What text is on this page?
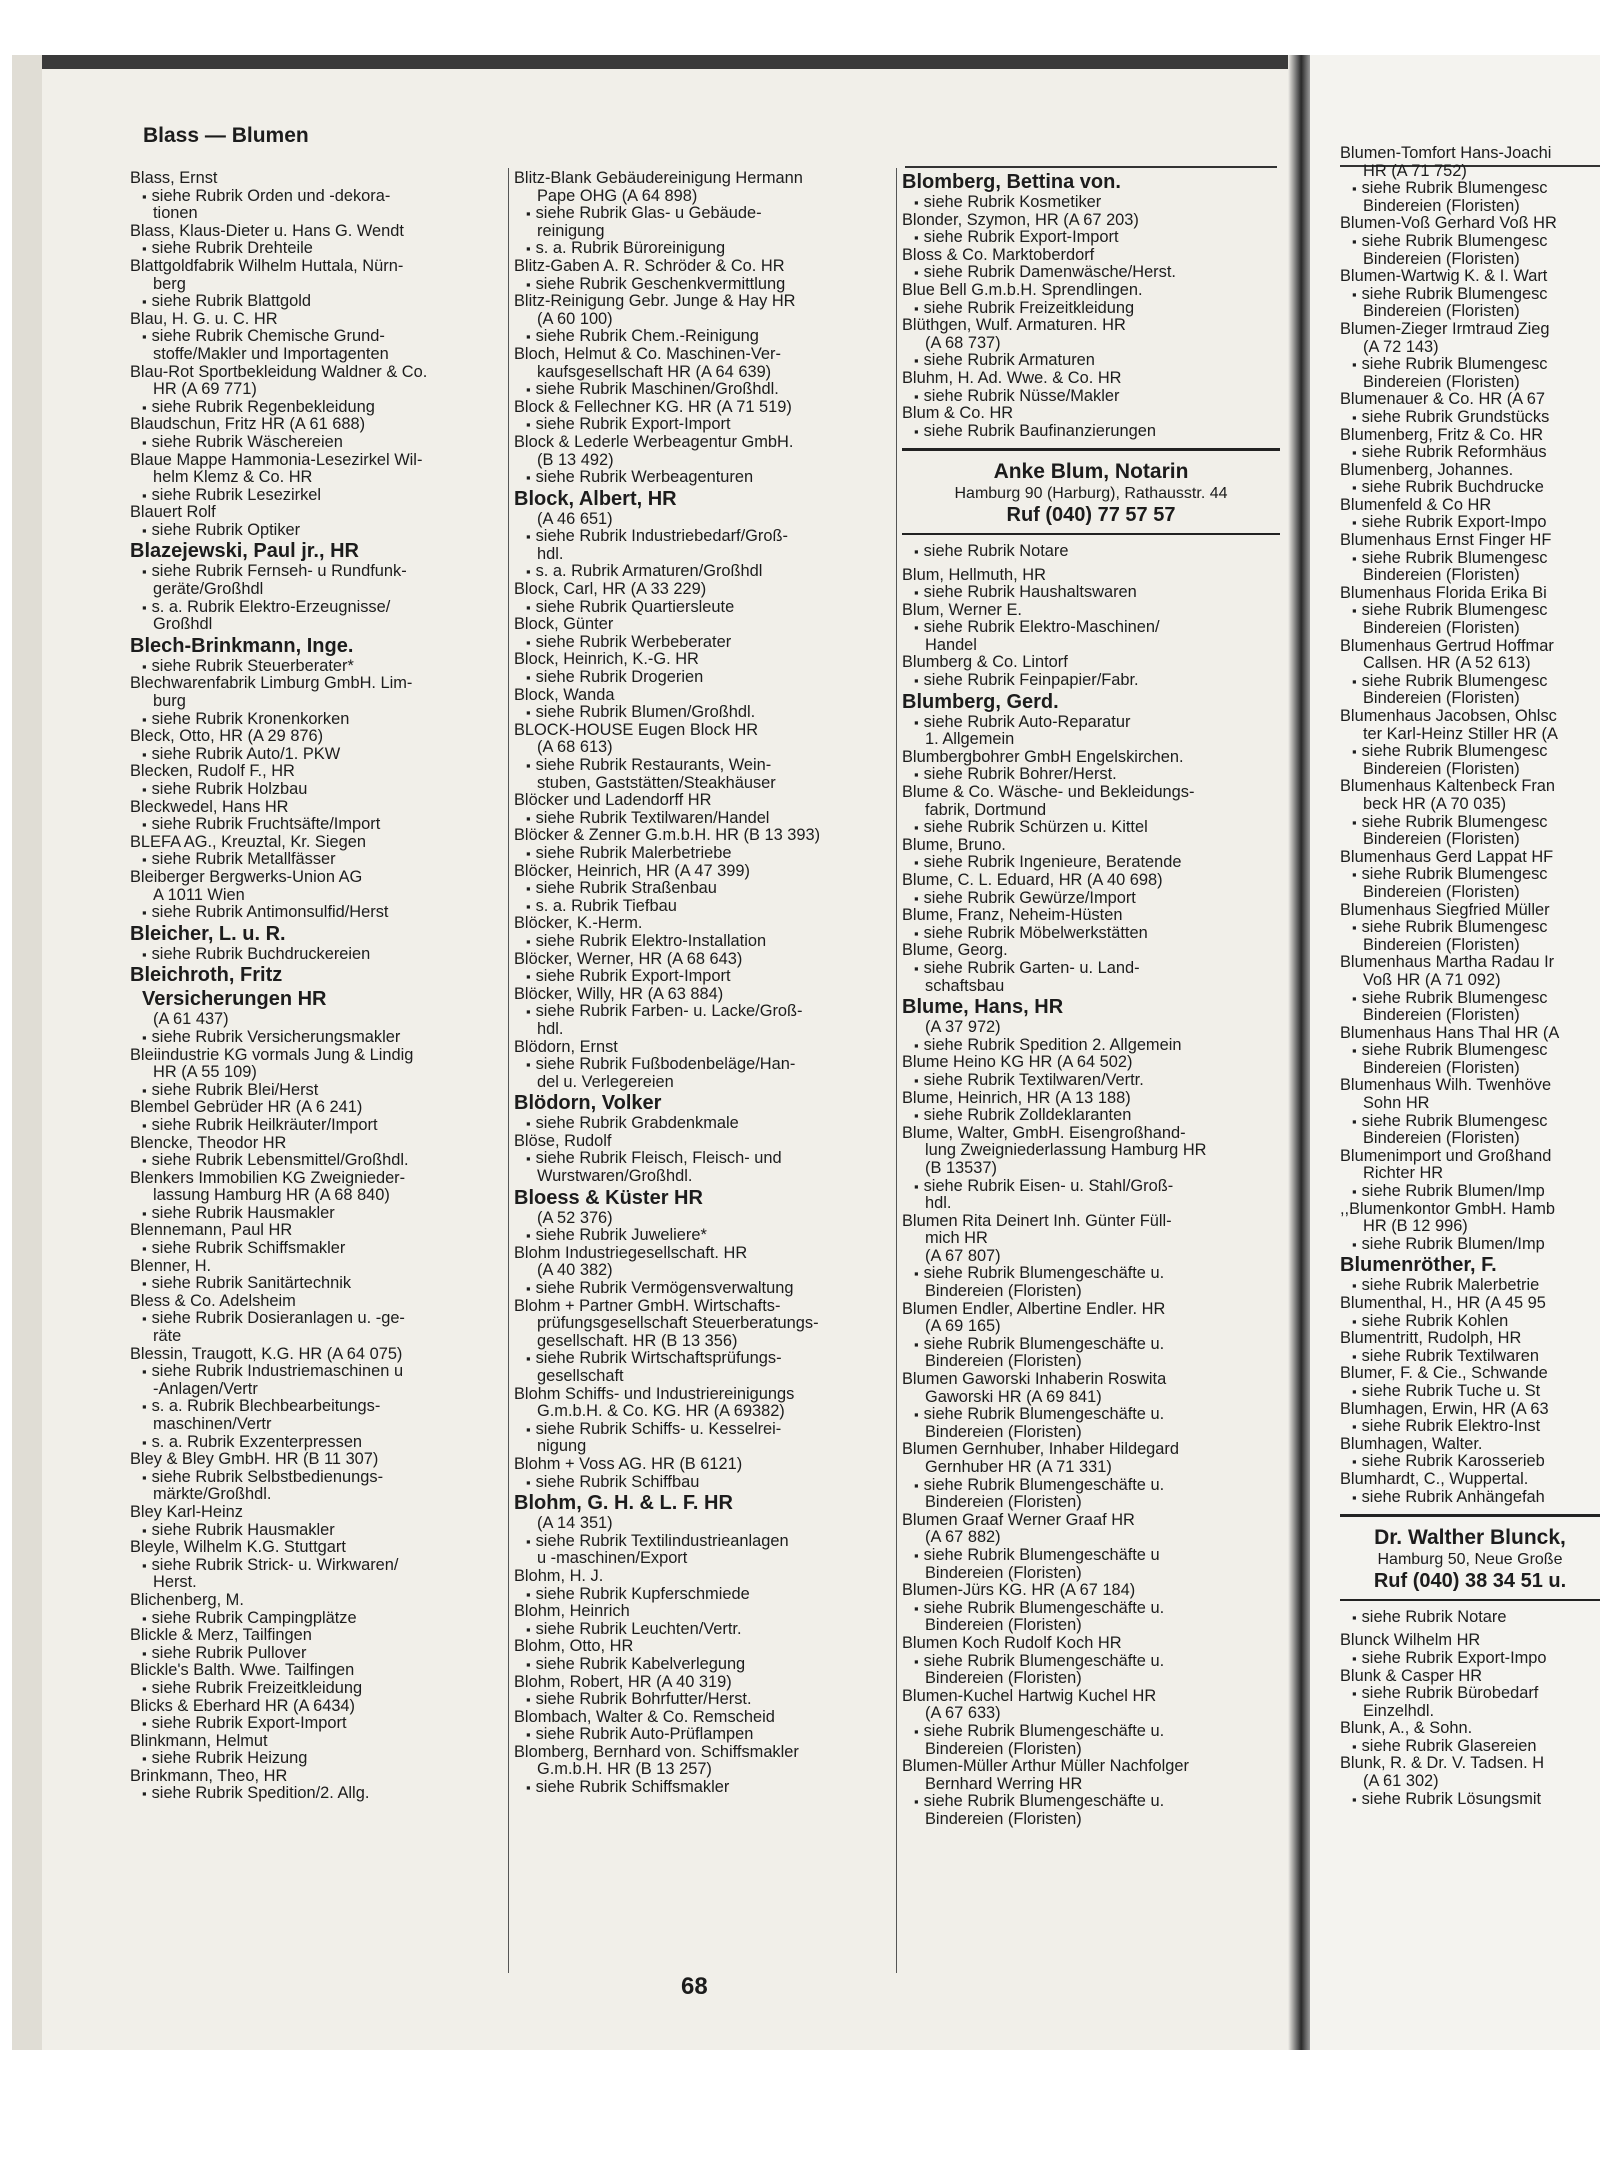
Blass — Blumen
Blass, Ernst
▪ siehe Rubrik Orden und -dekora-
tionen
Blass, Klaus-Dieter u. Hans G. Wendt
▪ siehe Rubrik Drehteile
Blattgoldfabrik Wilhelm Huttala, Nürn-
berg
▪ siehe Rubrik Blattgold
Blau, H. G. u. C. HR
▪ siehe Rubrik Chemische Grund-
stoffe/Makler und Importagenten
Blau-Rot Sportbekleidung Waldner & Co.
HR (A 69 771)
▪ siehe Rubrik Regenbekleidung
Blaudschun, Fritz HR (A 61 688)
▪ siehe Rubrik Wäschereien
Blaue Mappe Hammonia-Lesezirkel Wil-
helm Klemz & Co. HR
▪ siehe Rubrik Lesezirkel
Blauert Rolf
▪ siehe Rubrik Optiker
Blazejewski, Paul jr., HR
▪ siehe Rubrik Fernseh- u Rundfunk-
geräte/Großhdl
▪ s. a. Rubrik Elektro-Erzeugnisse/
Großhdl
Blech-Brinkmann, Inge.
▪ siehe Rubrik Steuerberater*
Blechwarenfabrik Limburg GmbH. Lim-
burg
▪ siehe Rubrik Kronenkorken
Bleck, Otto, HR (A 29 876)
▪ siehe Rubrik Auto/1. PKW
Blecken, Rudolf F., HR
▪ siehe Rubrik Holzbau
Bleckwedel, Hans HR
▪ siehe Rubrik Fruchtsäfte/Import
BLEFA AG., Kreuztal, Kr. Siegen
▪ siehe Rubrik Metallfässer
Bleiberger Bergwerks-Union AG
A 1011 Wien
▪ siehe Rubrik Antimonsulfid/Herst
Bleicher, L. u. R.
▪ siehe Rubrik Buchdruckereien
Bleichroth, Fritz
Versicherungen HR
(A 61 437)
▪ siehe Rubrik Versicherungsmakler
Bleiindustrie KG vormals Jung & Lindig
HR (A 55 109)
▪ siehe Rubrik Blei/Herst
Blembel Gebrüder HR (A 6 241)
▪ siehe Rubrik Heilkräuter/Import
Blencke, Theodor HR
▪ siehe Rubrik Lebensmittel/Großhdl.
Blenkers Immobilien KG Zweignieder-
lassung Hamburg HR (A 68 840)
▪ siehe Rubrik Hausmakler
Blennemann, Paul HR
▪ siehe Rubrik Schiffsmakler
Blenner, H.
▪ siehe Rubrik Sanitärtechnik
Bless & Co. Adelsheim
▪ siehe Rubrik Dosieranlagen u. -ge-
räte
Blessin, Traugott, K.G. HR (A 64 075)
▪ siehe Rubrik Industriemaschinen u
-Anlagen/Vertr
▪ s. a. Rubrik Blechbearbeitungs-
maschinen/Vertr
▪ s. a. Rubrik Exzenterpressen
Bley & Bley GmbH. HR (B 11 307)
▪ siehe Rubrik Selbstbedienungs-
märkte/Großhdl.
Bley Karl-Heinz
▪ siehe Rubrik Hausmakler
Bleyle, Wilhelm K.G. Stuttgart
▪ siehe Rubrik Strick- u. Wirkwaren/
Herst.
Blichenberg, M.
▪ siehe Rubrik Campingplätze
Blickle & Merz, Tailfingen
▪ siehe Rubrik Pullover
Blickle's Balth. Wwe. Tailfingen
▪ siehe Rubrik Freizeitkleidung
Blicks & Eberhard HR (A 6434)
▪ siehe Rubrik Export-Import
Blinkmann, Helmut
▪ siehe Rubrik Heizung
Brinkmann, Theo, HR
▪ siehe Rubrik Spedition/2. Allg.
Blitz-Blank Gebäudereinigung Hermann
Pape OHG (A 64 898)
▪ siehe Rubrik Glas- u Gebäude-
reinigung
▪ s. a. Rubrik Büroreinigung
Blitz-Gaben A. R. Schröder & Co. HR
▪ siehe Rubrik Geschenkvermittlung
Blitz-Reinigung Gebr. Junge & Hay HR
(A 60 100)
▪ siehe Rubrik Chem.-Reinigung
Bloch, Helmut & Co. Maschinen-Ver-
kaufsgesellschaft HR (A 64 639)
▪ siehe Rubrik Maschinen/Großhdl.
Block & Fellechner KG. HR (A 71 519)
▪ siehe Rubrik Export-Import
Block & Lederle Werbeagentur GmbH.
(B 13 492)
▪ siehe Rubrik Werbeagenturen
Block, Albert, HR
(A 46 651)
▪ siehe Rubrik Industriebedarf/Groß-
hdl.
▪ s. a. Rubrik Armaturen/Großhdl
Block, Carl, HR (A 33 229)
▪ siehe Rubrik Quartiersleute
Block, Günter
▪ siehe Rubrik Werbeberater
Block, Heinrich, K.-G. HR
▪ siehe Rubrik Drogerien
Block, Wanda
▪ siehe Rubrik Blumen/Großhdl.
BLOCK-HOUSE Eugen Block HR
(A 68 613)
▪ siehe Rubrik Restaurants, Wein-
stuben, Gaststätten/Steakhäuser
Blöcker und Ladendorff HR
▪ siehe Rubrik Textilwaren/Handel
Blöcker & Zenner G.m.b.H. HR (B 13 393)
▪ siehe Rubrik Malerbetriebe
Blöcker, Heinrich, HR (A 47 399)
▪ siehe Rubrik Straßenbau
▪ s. a. Rubrik Tiefbau
Blöcker, K.-Herm.
▪ siehe Rubrik Elektro-Installation
Blöcker, Werner, HR (A 68 643)
▪ siehe Rubrik Export-Import
Blöcker, Willy, HR (A 63 884)
▪ siehe Rubrik Farben- u. Lacke/Groß-
hdl.
Blödorn, Ernst
▪ siehe Rubrik Fußbodenbeläge/Han-
del u. Verlegereien
Blödorn, Volker
▪ siehe Rubrik Grabdenkmale
Blöse, Rudolf
▪ siehe Rubrik Fleisch, Fleisch- und
Wurstwaren/Großhdl.
Bloess & Küster HR
(A 52 376)
▪ siehe Rubrik Juweliere*
Blohm Industriegesellschaft. HR
(A 40 382)
▪ siehe Rubrik Vermögensverwaltung
Blohm + Partner GmbH. Wirtschafts-
prüfungsgesellschaft Steuerberatungs-
gesellschaft. HR (B 13 356)
▪ siehe Rubrik Wirtschaftsprüfungs-
gesellschaft
Blohm Schiffs- und Industriereinigungs
G.m.b.H. & Co. KG. HR (A 69382)
▪ siehe Rubrik Schiffs- u. Kesselrei-
nigung
Blohm + Voss AG. HR (B 6121)
▪ siehe Rubrik Schiffbau
Blohm, G. H. & L. F. HR
(A 14 351)
▪ siehe Rubrik Textilindustrieanlagen
u -maschinen/Export
Blohm, H. J.
▪ siehe Rubrik Kupferschmiede
Blohm, Heinrich
▪ siehe Rubrik Leuchten/Vertr.
Blohm, Otto, HR
▪ siehe Rubrik Kabelverlegung
Blohm, Robert, HR (A 40 319)
▪ siehe Rubrik Bohrfutter/Herst.
Blombach, Walter & Co. Remscheid
▪ siehe Rubrik Auto-Prüflampen
Blomberg, Bernhard von. Schiffsmakler
G.m.b.H. HR (B 13 257)
▪ siehe Rubrik Schiffsmakler
Blomberg, Bettina von.
▪ siehe Rubrik Kosmetiker
Blonder, Szymon, HR (A 67 203)
▪ siehe Rubrik Export-Import
Bloss & Co. Marktoberdorf
▪ siehe Rubrik Damenwäsche/Herst.
Blue Bell G.m.b.H. Sprendlingen.
▪ siehe Rubrik Freizeitkleidung
Blüthgen, Wulf. Armaturen. HR
(A 68 737)
▪ siehe Rubrik Armaturen
Bluhm, H. Ad. Wwe. & Co. HR
▪ siehe Rubrik Nüsse/Makler
Blum & Co. HR
▪ siehe Rubrik Baufinanzierungen
Anke Blum, Notarin
Hamburg 90 (Harburg), Rathausstr. 44
Ruf (040) 77 57 57
▪ siehe Rubrik Notare
Blum, Hellmuth, HR
▪ siehe Rubrik Haushaltswaren
Blum, Werner E.
▪ siehe Rubrik Elektro-Maschinen/
Handel
Blumberg & Co. Lintorf
▪ siehe Rubrik Feinpapier/Fabr.
Blumberg, Gerd.
▪ siehe Rubrik Auto-Reparatur
1. Allgemein
Blumbergbohrer GmbH Engelskirchen.
▪ siehe Rubrik Bohrer/Herst.
Blume & Co. Wäsche- und Bekleidungs-
fabrik, Dortmund
▪ siehe Rubrik Schürzen u. Kittel
Blume, Bruno.
▪ siehe Rubrik Ingenieure, Beratende
Blume, C. L. Eduard, HR (A 40 698)
▪ siehe Rubrik Gewürze/Import
Blume, Franz, Neheim-Hüsten
▪ siehe Rubrik Möbelwerkstätten
Blume, Georg.
▪ siehe Rubrik Garten- u. Land-
schaftsbau
Blume, Hans, HR
(A 37 972)
▪ siehe Rubrik Spedition 2. Allgemein
Blume Heino KG HR (A 64 502)
▪ siehe Rubrik Textilwaren/Vertr.
Blume, Heinrich, HR (A 13 188)
▪ siehe Rubrik Zolldeklaranten
Blume, Walter, GmbH. Eisengroßhand-
lung Zweigniederlassung Hamburg HR
(B 13537)
▪ siehe Rubrik Eisen- u. Stahl/Groß-
hdl.
Blumen Rita Deinert Inh. Günter Füll-
mich HR
(A 67 807)
▪ siehe Rubrik Blumengeschäfte u.
Bindereien (Floristen)
Blumen Endler, Albertine Endler. HR
(A 69 165)
▪ siehe Rubrik Blumengeschäfte u.
Bindereien (Floristen)
Blumen Gaworski Inhaberin Roswita
Gaworski HR (A 69 841)
▪ siehe Rubrik Blumengeschäfte u.
Bindereien (Floristen)
Blumen Gernhuber, Inhaber Hildegard
Gernhuber HR (A 71 331)
▪ siehe Rubrik Blumengeschäfte u.
Bindereien (Floristen)
Blumen Graaf Werner Graaf HR
(A 67 882)
▪ siehe Rubrik Blumengeschäfte u
Bindereien (Floristen)
Blumen-Jürs KG. HR (A 67 184)
▪ siehe Rubrik Blumengeschäfte u.
Bindereien (Floristen)
Blumen Koch Rudolf Koch HR
▪ siehe Rubrik Blumengeschäfte u.
Bindereien (Floristen)
Blumen-Kuchel Hartwig Kuchel HR
(A 67 633)
▪ siehe Rubrik Blumengeschäfte u.
Bindereien (Floristen)
Blumen-Müller Arthur Müller Nachfolger
Bernhard Werring HR
▪ siehe Rubrik Blumengeschäfte u.
Bindereien (Floristen)
Blumen-Tomfort Hans-Joachi
HR (A 71 752)
▪ siehe Rubrik Blumengesc
Bindereien (Floristen)
Blumen-Voß Gerhard Voß HR
▪ siehe Rubrik Blumengesc
Bindereien (Floristen)
Blumen-Wartwig K. & I. Wart
▪ siehe Rubrik Blumengesc
Bindereien (Floristen)
Blumen-Zieger Irmtraud Zieg
(A 72 143)
▪ siehe Rubrik Blumengesc
Bindereien (Floristen)
Blumenauer & Co. HR (A 67
▪ siehe Rubrik Grundstücks
Blumenberg, Fritz & Co. HR
▪ siehe Rubrik Reformhäus
Blumenberg, Johannes.
▪ siehe Rubrik Buchdrucke
Blumenfeld & Co HR
▪ siehe Rubrik Export-Impo
Blumenhaus Ernst Finger HF
▪ siehe Rubrik Blumengesc
Bindereien (Floristen)
Blumenhaus Florida Erika Bi
▪ siehe Rubrik Blumengesc
Bindereien (Floristen)
Blumenhaus Gertrud Hoffmar
Callsen. HR (A 52 613)
▪ siehe Rubrik Blumengesc
Bindereien (Floristen)
Blumenhaus Jacobsen, Ohlsc
ter Karl-Heinz Stiller HR (A
▪ siehe Rubrik Blumengesc
Bindereien (Floristen)
Blumenhaus Kaltenbeck Fran
beck HR (A 70 035)
▪ siehe Rubrik Blumengesc
Bindereien (Floristen)
Blumenhaus Gerd Lappat HF
▪ siehe Rubrik Blumengesc
Bindereien (Floristen)
Blumenhaus Siegfried Müller
▪ siehe Rubrik Blumengesc
Bindereien (Floristen)
Blumenhaus Martha Radau Ir
Voß HR (A 71 092)
▪ siehe Rubrik Blumengesc
Bindereien (Floristen)
Blumenhaus Hans Thal HR (A
▪ siehe Rubrik Blumengesc
Bindereien (Floristen)
Blumenhaus Wilh. Twenhöve
Sohn HR
▪ siehe Rubrik Blumengesc
Bindereien (Floristen)
Blumenimport und Großhand
Richter HR
▪ siehe Rubrik Blumen/Imp
,,Blumenkontor GmbH. Hamb
HR (B 12 996)
▪ siehe Rubrik Blumen/Imp
Blumenröther, F.
▪ siehe Rubrik Malerbetrie
Blumenthal, H., HR (A 45 95
▪ siehe Rubrik Kohlen
Blumentritt, Rudolph, HR
▪ siehe Rubrik Textilwaren
Blumer, F. & Cie., Schwande
▪ siehe Rubrik Tuche u. St
Blumhagen, Erwin, HR (A 63
▪ siehe Rubrik Elektro-Inst
Blumhagen, Walter.
▪ siehe Rubrik Karosserieb
Blumhardt, C., Wuppertal.
▪ siehe Rubrik Anhängefah
Dr. Walther Blunck,
Hamburg 50, Neue Große
Ruf (040) 38 34 51 u.
▪ siehe Rubrik Notare
Blunck Wilhelm HR
▪ siehe Rubrik Export-Impo
Blunk & Casper HR
▪ siehe Rubrik Bürobedarf
Einzelhdl.
Blunk, A., & Sohn.
▪ siehe Rubrik Glasereien
Blunk, R. & Dr. V. Tadsen. H
(A 61 302)
▪ siehe Rubrik Lösungsmit
68
